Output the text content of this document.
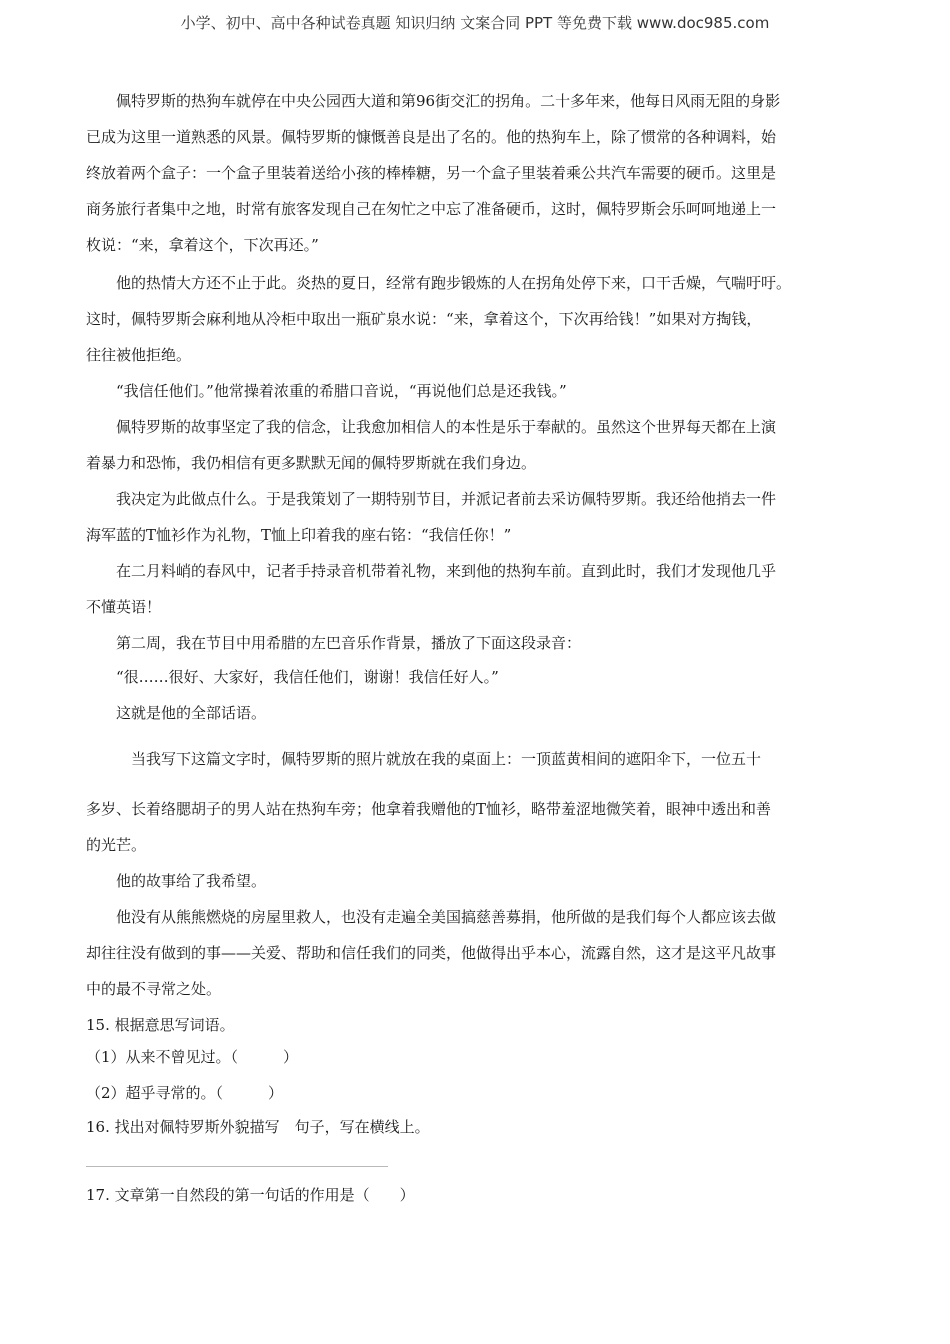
小学、初中、高中各种试卷真题 知识归纳 文案合同 PPT 等免费下载 www.doc985.com
　　佩特罗斯的热狗车就停在中央公园西大道和第96街交汇的拐角。二十多年来，他每日风雨无阻的身影
已成为这里一道熟悉的风景。佩特罗斯的慷慨善良是出了名的。他的热狗车上，除了惯常的各种调料，始
终放着两个盒子：一个盒子里装着送给小孩的棒棒糖，另一个盒子里装着乘公共汽车需要的硬币。这里是
商务旅行者集中之地，时常有旅客发现自己在匆忙之中忘了准备硬币，这时，佩特罗斯会乐呵呵地递上一
枚说：“来，拿着这个，下次再还。”
　　他的热情大方还不止于此。炎热的夏日，经常有跑步锻炼的人在拐角处停下来，口干舌燥，气喘吁吁。
这时，佩特罗斯会麻利地从冷柜中取出一瓶矿泉水说：“来，拿着这个，下次再给钱！”如果对方掏钱，
往往被他拒绝。
　　“我信任他们。”他常操着浓重的希腊口音说，“再说他们总是还我钱。”
　　佩特罗斯的故事坚定了我的信念，让我愈加相信人的本性是乐于奉献的。虽然这个世界每天都在上演
着暴力和恐怖，我仍相信有更多默默无闻的佩特罗斯就在我们身边。
　　我决定为此做点什么。于是我策划了一期特别节目，并派记者前去采访佩特罗斯。我还给他捎去一件
海军蓝的T恤衫作为礼物，T恤上印着我的座右铭：“我信任你！”
　　在二月料峭的春风中，记者手持录音机带着礼物，来到他的热狗车前。直到此时，我们才发现他几乎
不懂英语！
　　第二周，我在节目中用希腊的左巴音乐作背景，播放了下面这段录音：
　　“很……很好、大家好，我信任他们，谢谢！我信任好人。”
　　这就是他的全部话语。
　　　当我写下这篇文字时，佩特罗斯的照片就放在我的桌面上：一顶蓝黄相间的遮阳伞下，一位五十
多岁、长着络腮胡子的男人站在热狗车旁；他拿着我赠他的T恤衫，略带羞涩地微笑着，眼神中透出和善
的光芒。
　　他的故事给了我希望。
　　他没有从熊熊燃烧的房屋里救人，也没有走遍全美国搞慈善募捐，他所做的是我们每个人都应该去做
却往往没有做到的事——关爱、帮助和信任我们的同类，他做得出乎本心，流露自然，这才是这平凡故事
中的最不寻常之处。
15. 根据意思写词语。
（1）从来不曾见过。（　　　）
（2）超乎寻常的。（　　　）
16. 找出对佩特罗斯外貌描写　句子，写在横线上。
17. 文章第一自然段的第一句话的作用是（　　）
